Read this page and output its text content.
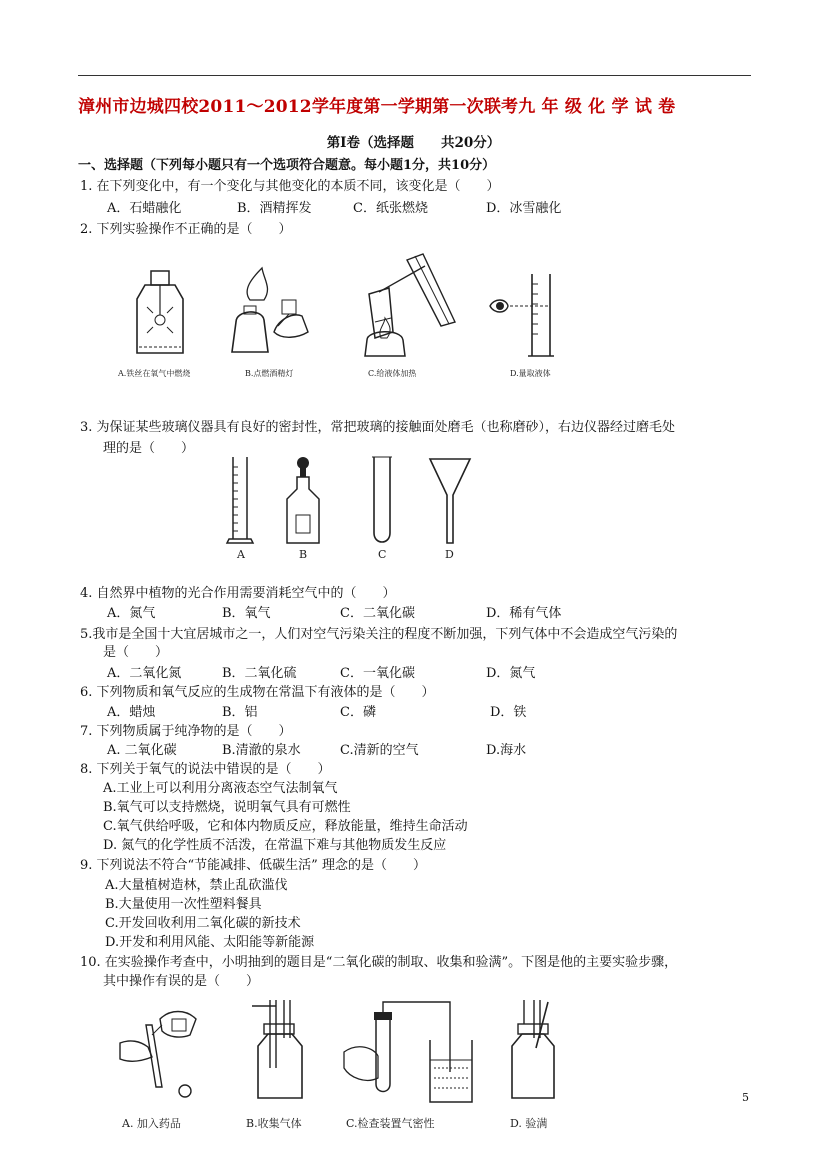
漳州市边城四校2011～2012学年度第一学期第一次联考九 年 级 化 学 试 卷
第Ⅰ卷（选择题　　共20分）
一、选择题（下列每小题只有一个选项符合题意。每小题1分，共10分）
1. 在下列变化中，有一个变化与其他变化的本质不同，该变化是（　　）
A．石蜡融化	B．酒精挥发	C．纸张燃烧	D．冰雪融化
2. 下列实验操作不正确的是（　　）
A.铁丝在氧气中燃烧	B.点燃酒精灯	C.给液体加热	D.量取液体
3. 为保证某些玻璃仪器具有良好的密封性，常把玻璃的接触面处磨毛（也称磨砂），右边仪器经过磨毛处
理的是（　　）
A	B	C	D
4. 自然界中植物的光合作用需要消耗空气中的（　　）
A．氮气	B．氧气	C．二氧化碳	D．稀有气体
5.我市是全国十大宜居城市之一，人们对空气污染关注的程度不断加强，下列气体中不会造成空气污染的
是（　　）
A．二氧化氮	B．二氧化硫	C．一氧化碳	D．氮气
6. 下列物质和氧气反应的生成物在常温下有液体的是（　　）
A．蜡烛	B．铝	C．磷	D．铁
7. 下列物质属于纯净物的是（　　）
A. 二氧化碳	B.清澈的泉水	C.清新的空气	D.海水
8. 下列关于氧气的说法中错误的是（　　）
A.工业上可以利用分离液态空气法制氧气
B.氧气可以支持燃烧，说明氧气具有可燃性
C.氧气供给呼吸，它和体内物质反应，释放能量，维持生命活动
D. 氮气的化学性质不活泼，在常温下难与其他物质发生反应
9. 下列说法不符合“节能减排、低碳生活” 理念的是（　　）
A.大量植树造林，禁止乱砍滥伐
B.大量使用一次性塑料餐具
C.开发回收利用二氧化碳的新技术
D.开发和利用风能、太阳能等新能源
10. 在实验操作考查中，小明抽到的题目是“二氧化碳的制取、收集和验满”。下图是他的主要实验步骤，
其中操作有误的是（　　）
A. 加入药品	B.收集气体	C.检查装置气密性	D. 验满
5
